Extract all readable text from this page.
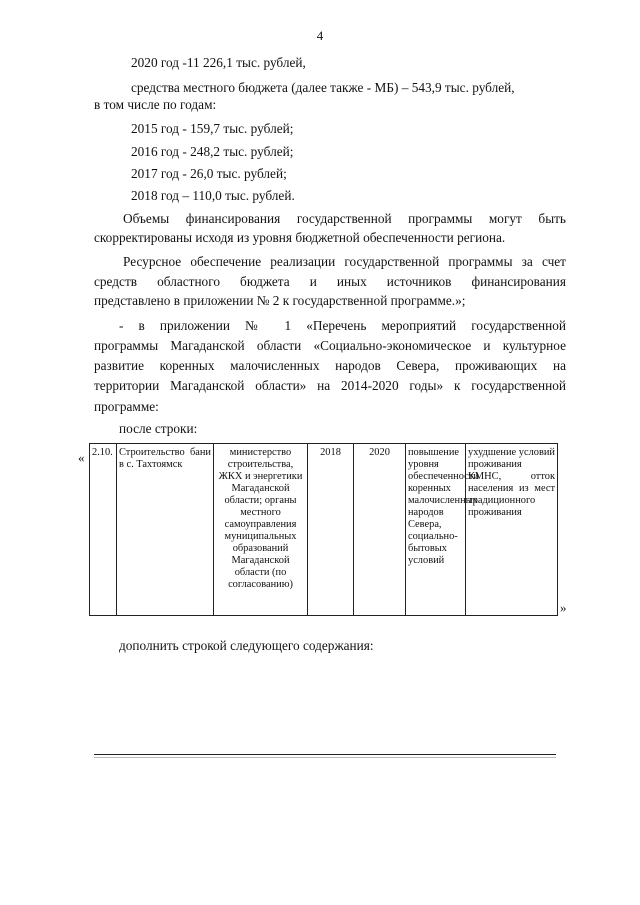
4
2020 год -11 226,1 тыс. рублей,
средства местного бюджета (далее также - МБ) – 543,9 тыс. рублей,
в том числе по годам:
2015 год - 159,7 тыс. рублей;
2016 год - 248,2 тыс. рублей;
2017 год - 26,0 тыс. рублей;
2018 год – 110,0 тыс. рублей.
Объемы финансирования государственной программы могут быть
скорректированы исходя из уровня бюджетной обеспеченности региона.
Ресурсное обеспечение реализации государственной программы за счет
средств областного бюджета и иных источников финансирования
представлено в приложении № 2 к государственной программе.»;
- в приложении № 1 «Перечень мероприятий государственной
программы Магаданской области «Социально-экономическое и культурное
развитие коренных малочисленных народов Севера, проживающих на
территории Магаданской области» на 2014-2020 годы» к государственной
программе:
после строки:
« 2.10.	Строительство бани в с. Тахтоямск	министерство строительства, ЖКХ и энергетики Магаданской области; органы местного самоуправления муниципальных образований Магаданской области (по согласованию)	2018	2020	повышение уровня обеспеченности коренных малочисленных народов Севера, социально-бытовых условий	ухудшение условий проживания КМНС, отток населения из мест традиционного проживания
»
дополнить строкой следующего содержания:
